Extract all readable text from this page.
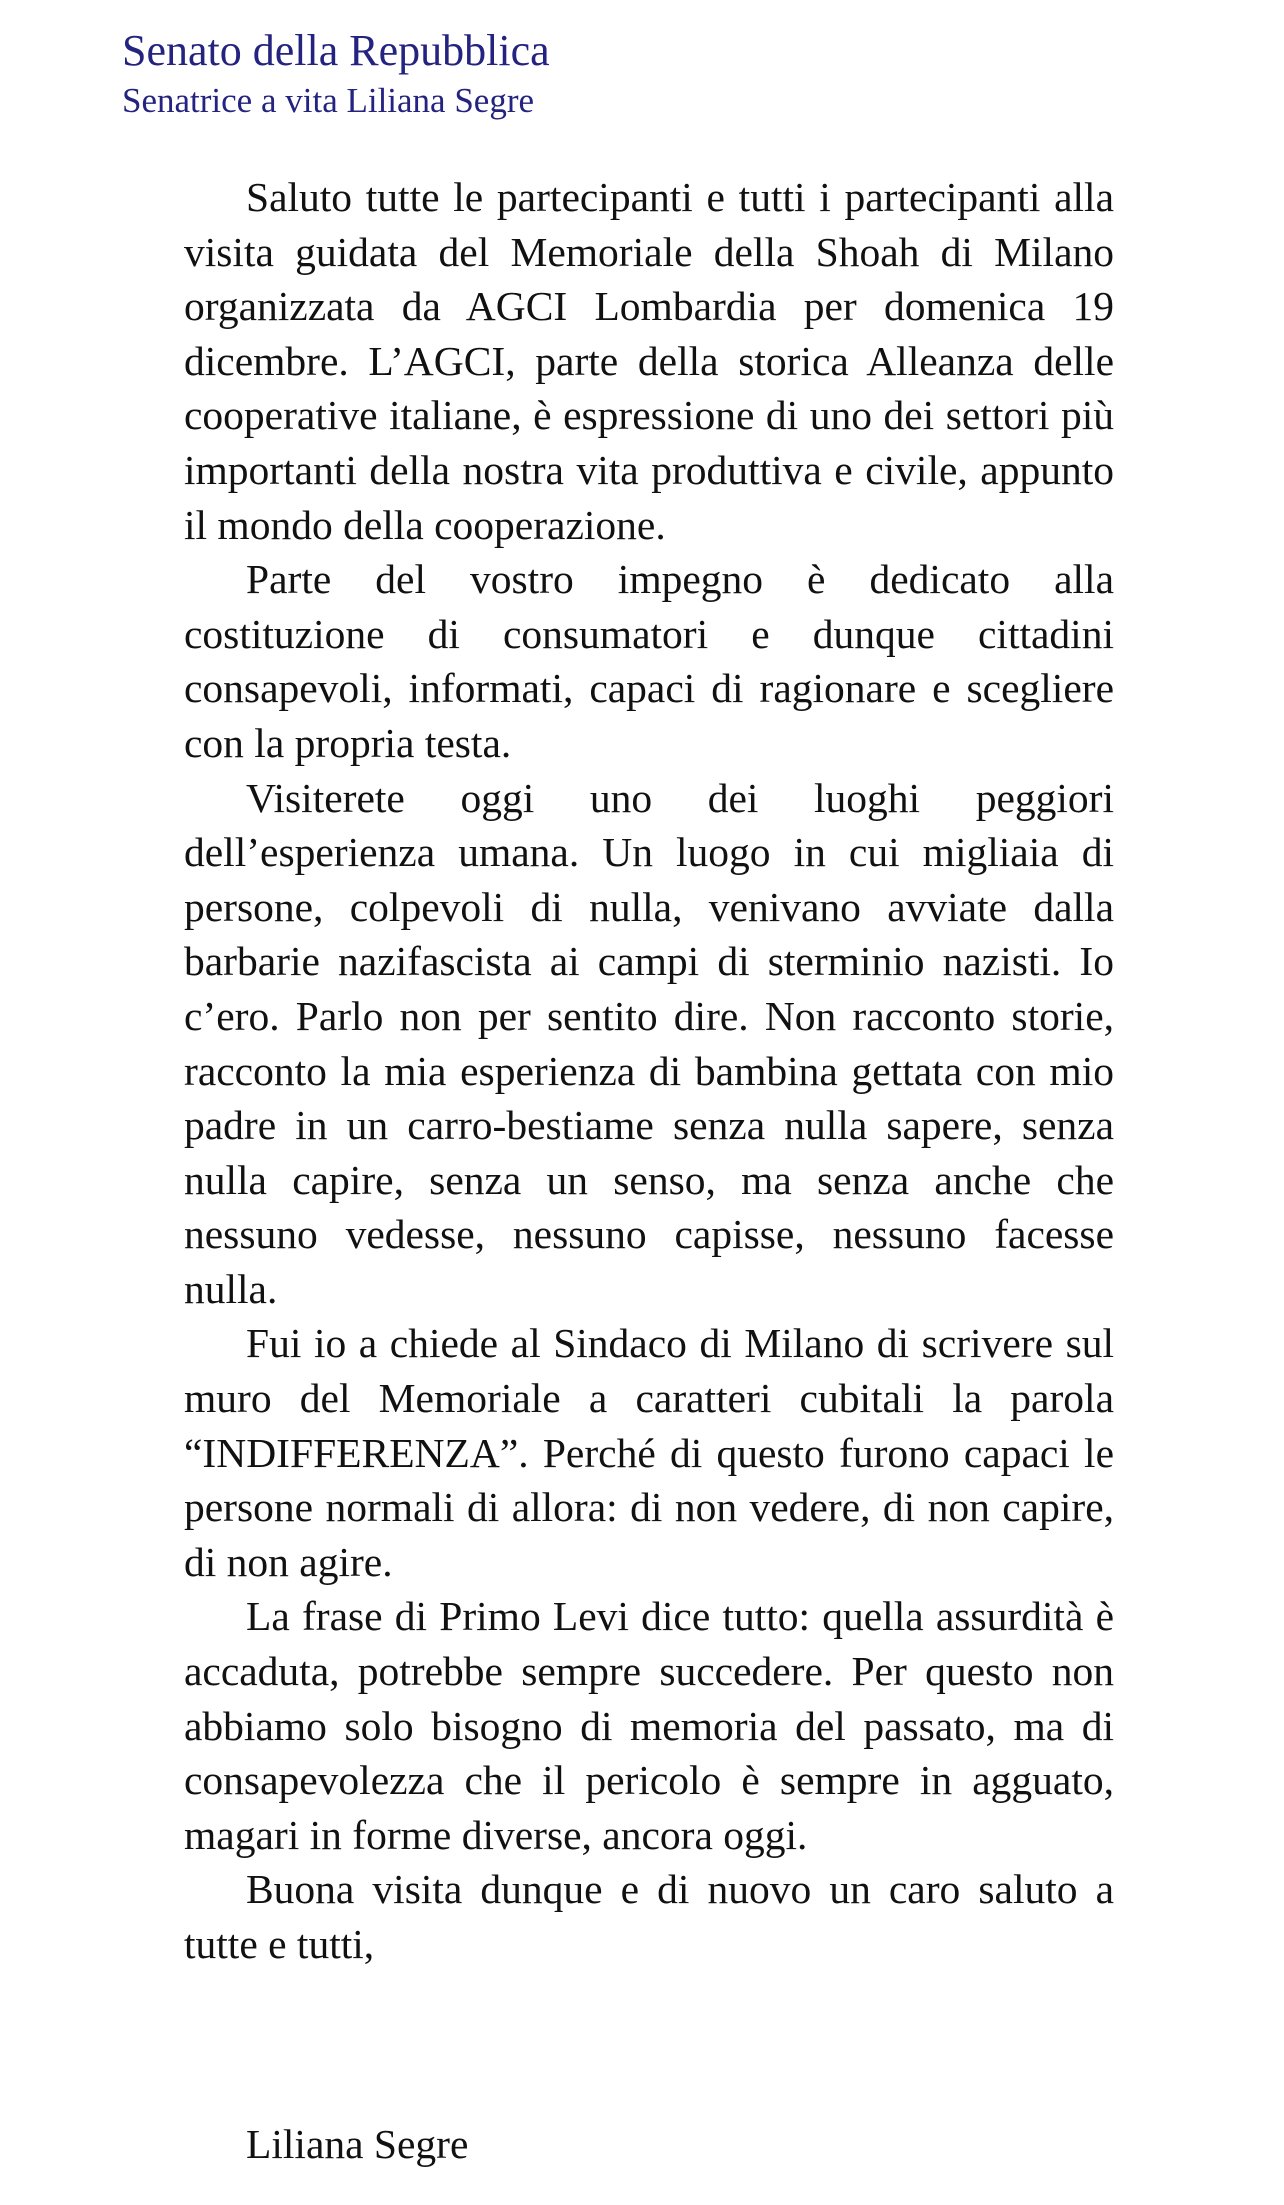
Senato della Repubblica

Senatrice a vita Liliana Segre

Saluto tutte le partecipanti e tutti i partecipanti alla visita guidata del Memoriale della Shoah di Milano organizzata da AGCI Lombardia per domenica 19 dicembre. L’AGCI, parte della storica Alleanza delle cooperative italiane, è espressione di uno dei settori più importanti della nostra vita produttiva e civile, appunto il mondo della cooperazione.

Parte del vostro impegno è dedicato alla costituzione di consumatori e dunque cittadini consapevoli, informati, capaci di ragionare e scegliere con la propria testa.

Visiterete oggi uno dei luoghi peggiori dell’esperienza umana. Un luogo in cui migliaia di persone, colpevoli di nulla, venivano avviate dalla barbarie nazifascista ai campi di sterminio nazisti. Io c’ero. Parlo non per sentito dire. Non racconto storie, racconto la mia esperienza di bambina gettata con mio padre in un carro-bestiame senza nulla sapere, senza nulla capire, senza un senso, ma senza anche che nessuno vedesse, nessuno capisse, nessuno facesse nulla.

Fui io a chiede al Sindaco di Milano di scrivere sul muro del Memoriale a caratteri cubitali la parola “INDIFFERENZA”. Perché di questo furono capaci le persone normali di allora: di non vedere, di non capire, di non agire.

La frase di Primo Levi dice tutto: quella assurdità è accaduta, potrebbe sempre succedere. Per questo non abbiamo solo bisogno di memoria del passato, ma di consapevolezza che il pericolo è sempre in agguato, magari in forme diverse, ancora oggi.

Buona visita dunque e di nuovo un caro saluto a tutte e tutti,

Liliana Segre
